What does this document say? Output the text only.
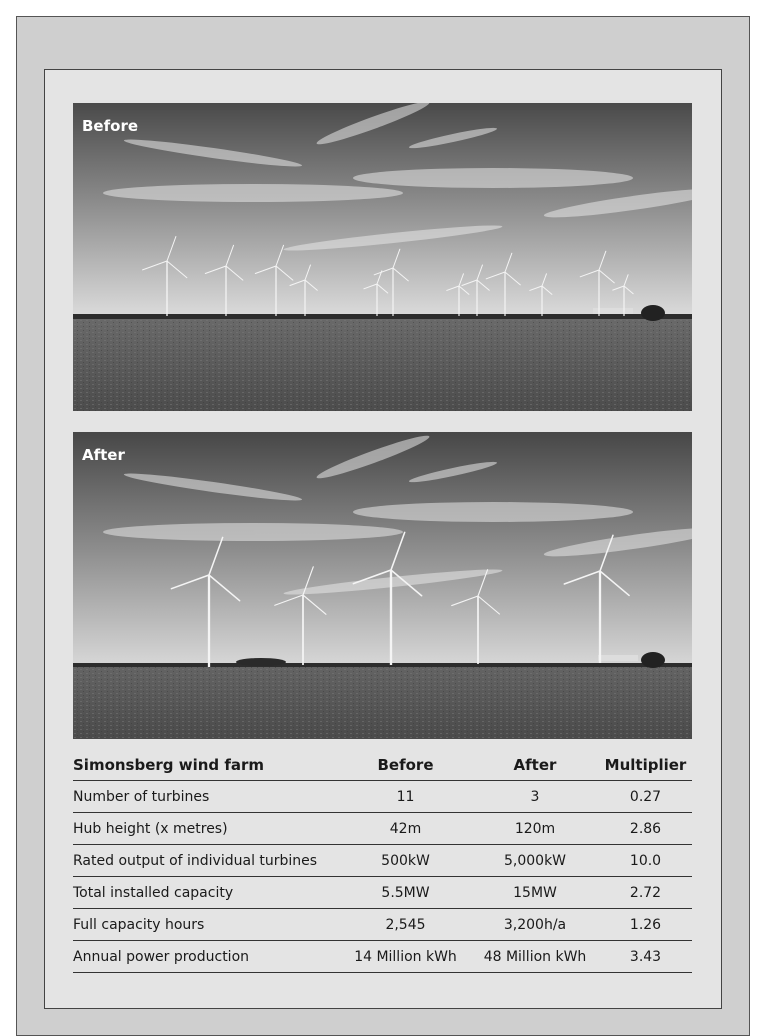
Before
After
Simonsberg wind farm	Before	After	Multiplier
Number of turbines	11	3	0.27
Hub height (x metres)	42m	120m	2.86
Rated output of individual turbines	500kW	5,000kW	10.0
Total installed capacity	5.5MW	15MW	2.72
Full capacity hours	2,545	3,200h/a	1.26
Annual power production	14 Million kWh	48 Million kWh	3.43
